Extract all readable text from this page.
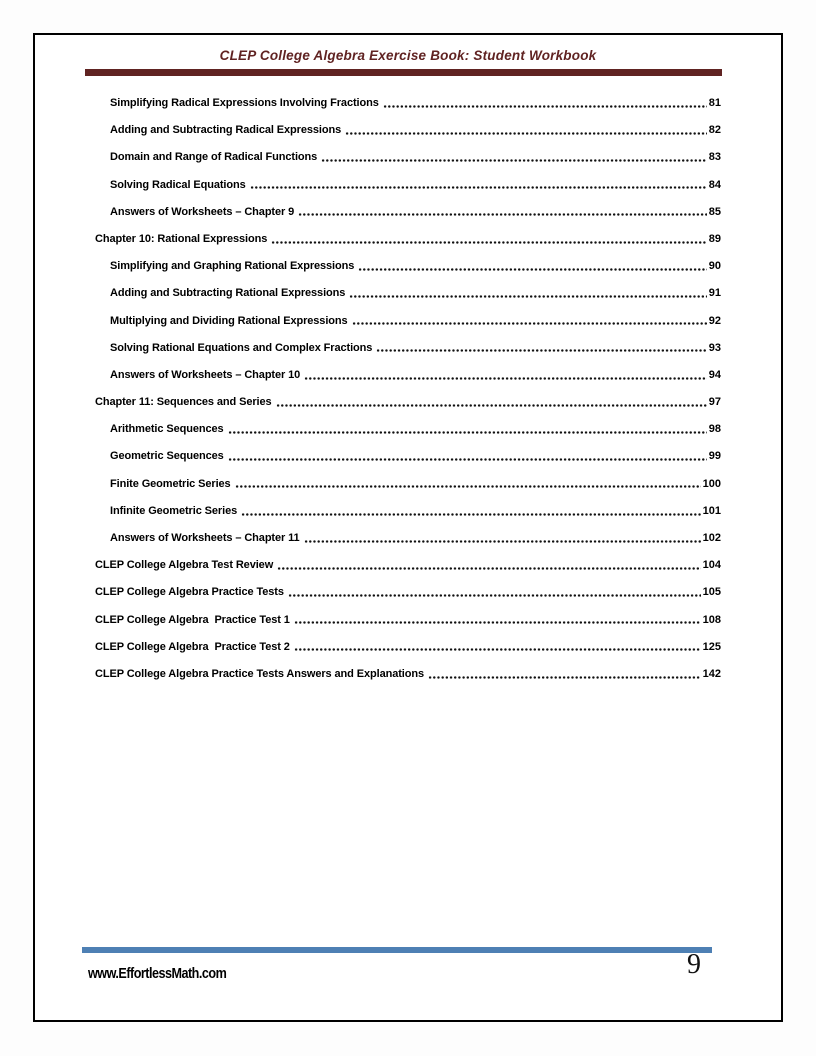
CLEP College Algebra Exercise Book: Student Workbook
Simplifying Radical Expressions Involving Fractions	81
Adding and Subtracting Radical Expressions	82
Domain and Range of Radical Functions	83
Solving Radical Equations	84
Answers of Worksheets – Chapter 9	85
Chapter 10: Rational Expressions	89
Simplifying and Graphing Rational Expressions	90
Adding and Subtracting Rational Expressions	91
Multiplying and Dividing Rational Expressions	92
Solving Rational Equations and Complex Fractions	93
Answers of Worksheets – Chapter 10	94
Chapter 11: Sequences and Series	97
Arithmetic Sequences	98
Geometric Sequences	99
Finite Geometric Series	100
Infinite Geometric Series	101
Answers of Worksheets – Chapter 11	102
CLEP College Algebra Test Review	104
CLEP College Algebra Practice Tests	105
CLEP College Algebra  Practice Test 1	108
CLEP College Algebra  Practice Test 2	125
CLEP College Algebra Practice Tests Answers and Explanations	142
www.EffortlessMath.com	9
